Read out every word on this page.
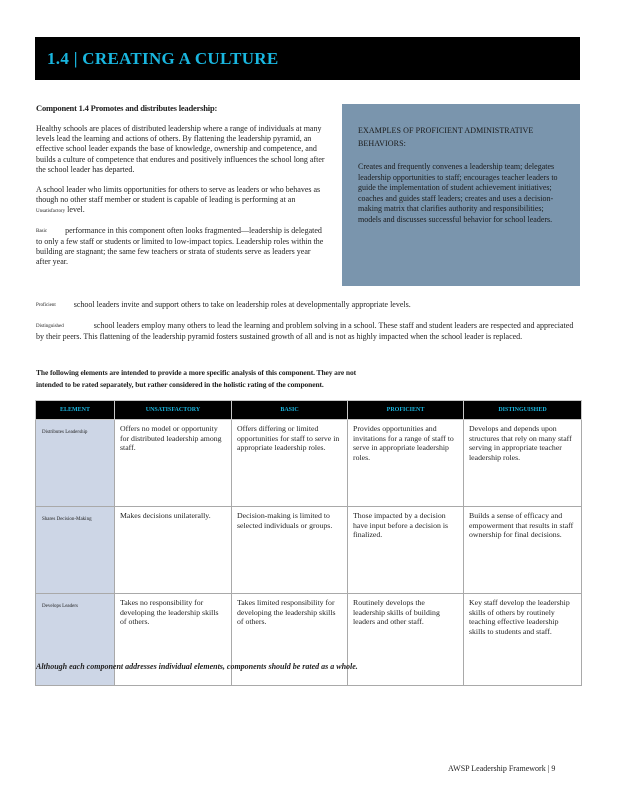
1.4 | CREATING A CULTURE
Component 1.4 Promotes and distributes leadership:

Healthy schools are places of distributed leadership where a range of individuals at many levels lead the learning and actions of others. By flattening the leadership pyramid, an effective school leader expands the base of knowledge, ownership and competence, and builds a culture of competence that endures and positively influences the school long after the school leader has departed.

A school leader who limits opportunities for others to serve as leaders or who behaves as though no other staff member or student is capable of leading is performing at an Unsatisfactory level.

Basic performance in this component often looks fragmented—leadership is delegated to only a few staff or students or limited to low-impact topics. Leadership roles within the building are stagnant; the same few teachers or strata of students serve as leaders year after year.

EXAMPLES OF PROFICIENT ADMINISTRATIVE BEHAVIORS:

Creates and frequently convenes a leadership team; delegates leadership opportunities to staff; encourages teacher leaders to guide the implementation of student achievement initiatives; coaches and guides staff leaders; creates and uses a decision-making matrix that clarifies authority and responsibilities; models and discusses successful behavior for school leaders.

Proficient school leaders invite and support others to take on leadership roles at developmentally appropriate levels.
Distinguished	school leaders employ many others to lead the learning and problem solving in a school. These staff and student leaders are respected and appreciated by their peers. This flattening of the leadership pyramid fosters sustained growth of all and is not as highly impacted when the school leader is replaced.

The following elements are intended to provide a more specific analysis of this component. They are not intended to be rated separately, but rather considered in the holistic rating of the component.

ELEMENT	UNSATISFACTORY	BASIC	PROFICIENT	DISTINGUISHED
Distributes Leadership	Offers no model or opportunity for distributed leadership among staff.	Offers differing or limited opportunities for staff to serve in appropriate leadership roles.	Provides opportunities and invitations for a range of staff to serve in appropriate leadership roles.	Develops and depends upon structures that rely on many staff serving in appropriate teacher leadership roles.
Shares Decision-Making	Makes decisions unilaterally.	Decision-making is limited to selected individuals or groups.	Those impacted by a decision have input before a decision is finalized.	Builds a sense of efficacy and empowerment that results in staff ownership for final decisions.
Develops Leaders	Takes no responsibility for developing the leadership skills of others.	Takes limited responsibility for developing the leadership skills of others.	Routinely develops the leadership skills of building leaders and other staff.	Key staff develop the leadership skills of others by routinely teaching effective leadership skills to students and staff.

Although each component addresses individual elements, components should be rated as a whole.

AWSP Leadership Framework | 9
